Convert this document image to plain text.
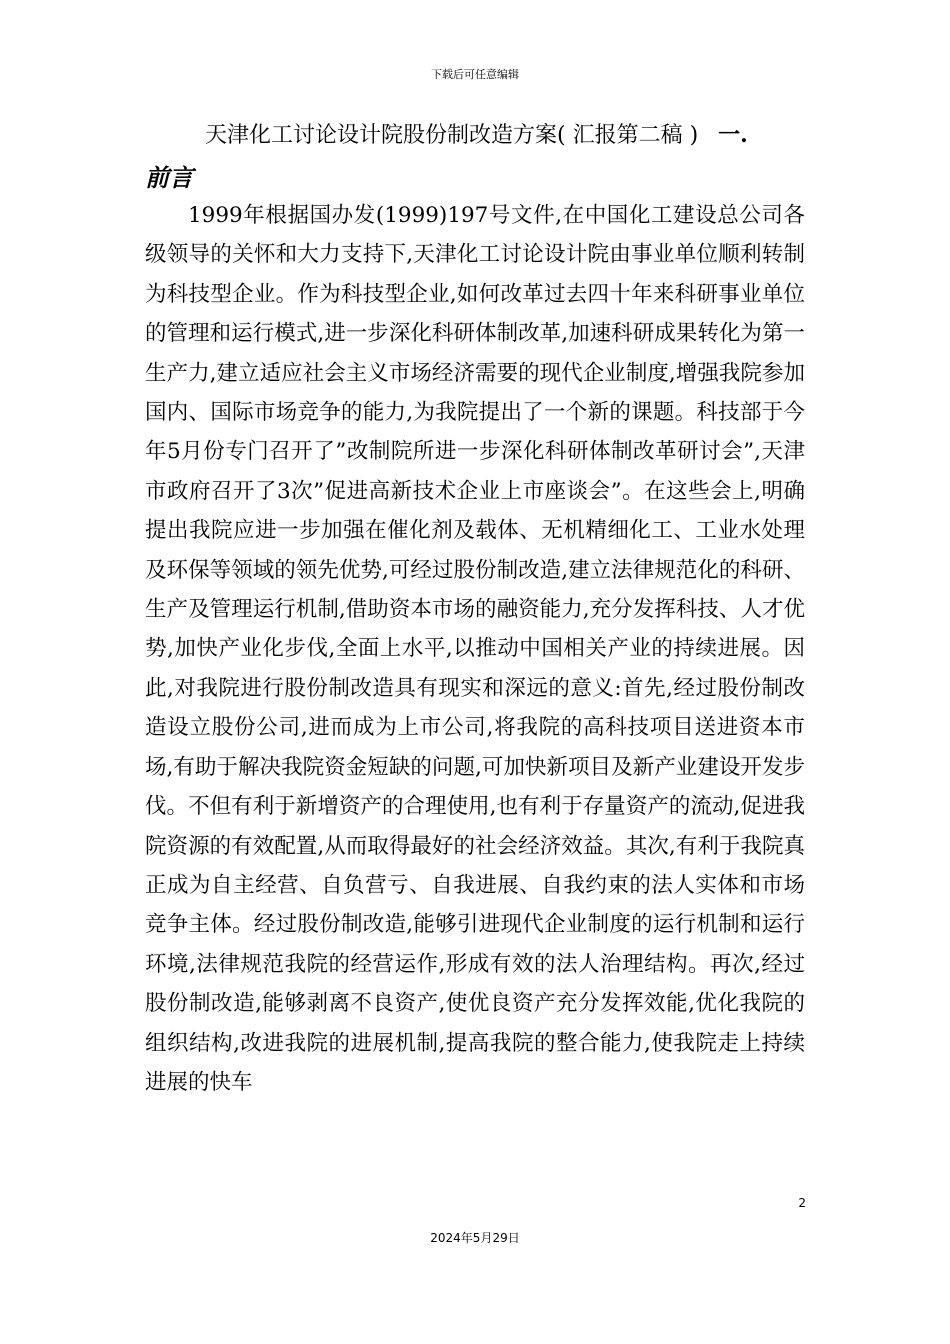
下载后可任意编辑
天津化工讨论设计院股份制改造方案( 汇报第二稿 ) 一.
前言

1999年根据国办发(1999)197号文件,在中国化工建设总公司各级领导的关怀和大力支持下,天津化工讨论设计院由事业单位顺利转制为科技型企业。作为科技型企业,如何改革过去四十年来科研事业单位的管理和运行模式,进一步深化科研体制改革,加速科研成果转化为第一生产力,建立适应社会主义市场经济需要的现代企业制度,增强我院参加国内、国际市场竞争的能力,为我院提出了一个新的课题。科技部于今年5月份专门召开了”改制院所进一步深化科研体制改革研讨会”,天津市政府召开了3次”促进高新技术企业上市座谈会”。在这些会上,明确提出我院应进一步加强在催化剂及载体、无机精细化工、工业水处理及环保等领域的领先优势,可经过股份制改造,建立法律规范化的科研、生产及管理运行机制,借助资本市场的融资能力,充分发挥科技、人才优势,加快产业化步伐,全面上水平,以推动中国相关产业的持续进展。因此,对我院进行股份制改造具有现实和深远的意义:首先,经过股份制改造设立股份公司,进而成为上市公司,将我院的高科技项目送进资本市场,有助于解决我院资金短缺的问题,可加快新项目及新产业建设开发步伐。不但有利于新增资产的合理使用,也有利于存量资产的流动,促进我院资源的有效配置,从而取得最好的社会经济效益。其次,有利于我院真正成为自主经营、自负营亏、自我进展、自我约束的法人实体和市场竞争主体。经过股份制改造,能够引进现代企业制度的运行机制和运行环境,法律规范我院的经营运作,形成有效的法人治理结构。再次,经过股份制改造,能够剥离不良资产,使优良资产充分发挥效能,优化我院的组织结构,改进我院的进展机制,提高我院的整合能力,使我院走上持续进展的快车

2
2024年5月29日
